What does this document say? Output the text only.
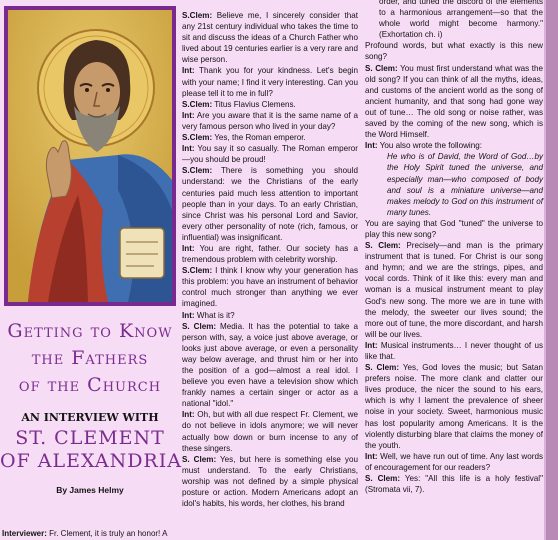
Getting to Know
the Fathers
of the Church
AN INTERVIEW WITH
ST. CLEMENT
OF ALEXANDRIA
By James Helmy
Interviewer: Fr. Clement, it is truly an honor! A

S.Clem: Believe me, I sincerely consider that any 21st century individual who takes the time to sit and discuss the ideas of a Church Father who lived about 19 centuries earlier is a very rare and wise person.

Int: Thank you for your kindness. Let's begin with your name; I find it very interesting. Can you please tell it to me in full?

S.Clem: Titus Flavius Clemens.

Int: Are you aware that it is the same name of a very famous person who lived in your day?

S.Clem: Yes, the Roman emperor.

Int: You say it so casually. The Roman emperor—you should be proud!

S.Clem: There is something you should understand: we the Christians of the early centuries paid much less attention to important people than in your days. To an early Christian, since Christ was his personal Lord and Savior, every other personality of note (rich, famous, or influential) was insignificant.

Int: You are right, father. Our society has a tremendous problem with celebrity worship.

S.Clem: I think I know why your generation has this problem: you have an instrument of behavior control much stronger than anything we ever imagined.

Int: What is it?

S. Clem: Media. It has the potential to take a person with, say, a voice just above average, or looks just above average, or even a personality way below average, and thrust him or her into the position of a god—almost a real idol. I believe you even have a television show which frankly names a certain singer or actor as a national "idol."

Int: Oh, but with all due respect Fr. Clement, we do not believe in idols anymore; we will never actually bow down or burn incense to any of these singers.

S. Clem: Yes, but here is something else you must understand. To the early Christians, worship was not defined by a simple physical posture or action. Modern Americans adopt an idol's habits, his words, her clothes, his brand

order, and tuned the discord of the elements to a harmonious arrangement—so that the whole world might become harmony." (Exhortation ch. i)

Profound words, but what exactly is this new song?

S. Clem: You must first understand what was the old song? If you can think of all the myths, ideas, and customs of the ancient world as the song of ancient humanity, and that song had gone way out of tune… The old song or noise rather, was saved by the coming of the new song, which is the Word Himself.

Int: You also wrote the following:

He who is of David, the Word of God…by the Holy Spirit tuned the universe, and especially man—who composed of body and soul is a miniature universe—and makes melody to God on this instrument of many tunes.

You are saying that God "tuned" the universe to play this new song?

S. Clem: Precisely—and man is the primary instrument that is tuned. For Christ is our song and hymn; and we are the strings, pipes, and vocal cords. Think of it like this: every man and woman is a musical instrument meant to play God's new song. The more we are in tune with the melody, the sweeter our lives sound; the more out of tune, the more discordant, and harsh will be our lives.

Int: Musical instruments… I never thought of us like that.

S. Clem: Yes, God loves the music; but Satan prefers noise. The more clank and clatter our lives produce, the nicer the sound to his ears, which is why I lament the prevalence of sheer noise in your society. Sweet, harmonious music has lost popularity among Americans. It is the violently disturbing blare that claims the money of the youth.

Int: Well, we have run out of time. Any last words of encouragement for our readers?

S. Clem: Yes: "All this life is a holy festival" (Stromata vii, 7).
